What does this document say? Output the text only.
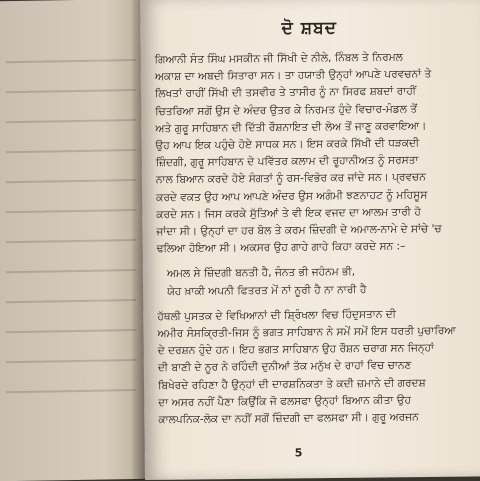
ਦੋ ਸ਼ਬਦ
ਗਿਆਨੀ ਸੰਤ ਸਿੰਘ ਮਸਕੀਨ ਜੀ ਸਿੱਖੀ ਦੇ ਨੀਲੇ, ਨਿੰਬਲ ਤੇ ਨਿਰਮਲ
ਅਕਾਸ਼ ਦਾ ਅਬਦੀ ਸਿਤਾਰਾ ਸਨ। ਤਾ ਹਯਾਤੀ ਉਨ੍ਹਾਂ ਆਪਣੇ ਪਰਵਚਨਾਂ ਤੇ
ਲਿਖਤਾਂ ਰਾਹੀਂ ਸਿੱਖੀ ਦੀ ਤਸਵੀਰ ਤੇ ਤਾਸੀਰ ਨੂੰ ਨਾ ਸਿਰਫ ਸ਼ਬਦਾਂ ਰਾਹੀਂ
ਚਿਤਰਿਆ ਸਗੋਂ ਉਸ ਦੇ ਅੰਦਰ ਉਤਰ ਕੇ ਨਿਰਮਤ ਹੁੰਦੇ ਵਿਚਾਰ-ਮੰਡਲ ਤੋਂ
ਅਤੇ ਗੁਰੂ ਸਾਹਿਬਾਨ ਦੀ ਦਿੱਤੀ ਰੌਸ਼ਨਾਇਤ ਦੀ ਲੋਅ ਤੋਂ ਜਾਣੂ ਕਰਵਾਇਆ।
ਉਹ ਆਪ ਇਕ ਪਹੁੰਚੇ ਹੋਏ ਸਾਧਕ ਸਨ। ਇਸ ਕਰਕੇ ਸਿੱਖੀ ਦੀ ਧੜਕਦੀ
ਜ਼ਿੰਦਗੀ, ਗੁਰੂ ਸਾਹਿਬਾਨ ਦੇ ਪਵਿੱਤਰ ਕਲਾਮ ਦੀ ਰੂਹਾਨੀਅਤ ਨੂੰ ਸਰਸਤਾ
ਨਾਲ ਬਿਆਨ ਕਰਦੇ ਹੋਏ ਸੰਗਤਾਂ ਨੂੰ ਰਸ-ਵਿਭੋਰ ਕਰ ਜਾਂਦੇ ਸਨ। ਪ੍ਰਵਚਨ
ਕਰਦੇ ਵਕਤ ਉਹ ਆਪ ਆਪਣੇ ਅੰਦਰ ਉਸ ਅਗੰਮੀ ਝਣਨਾਹਟ ਨੂੰ ਮਹਿਸੂਸ
ਕਰਦੇ ਸਨ। ਜਿਸ ਕਰਕੇ ਸੁੱਤਿਆਂ ਤੇ ਵੀ ਇਕ ਵਜਦ ਦਾ ਆਲਮ ਤਾਰੀ ਹੋ
ਜਾਂਦਾ ਸੀ। ਉਨ੍ਹਾਂ ਦਾ ਹਰ ਬੋਲ ਤੇ ਕਰਮ ਜ਼ਿੰਦਗੀ ਦੇ ਅਮਾਲ-ਨਾਮੇ ਦੇ ਸਾਂਚੇ 'ਚ
ਢਲਿਆ ਹੋਇਆ ਸੀ। ਅਕਸਰ ਉਹ ਗਾਹੇ ਗਾਹੇ ਕਿਹਾ ਕਰਦੇ ਸਨ :–
ਅਮਲ ਸੇ ਜ਼ਿੰਦਗੀ ਬਨਤੀ ਹੈ, ਜੰਨਤ ਭੀ ਜਹੰਨਮ ਭੀ,
ਯੇਹ ਖ਼ਾਕੀ ਅਪਨੀ ਫਿਤਰਤ ਮੇਂ ਨਾਂ ਨੂਰੀ ਹੈ ਨਾ ਨਾਰੀ ਹੈ
ਹੱਥਲੀ ਪੁਸਤਕ ਦੇ ਵਿਖਿਆਨਾਂ ਦੀ ਸ਼੍ਰਿੰਖਲਾ ਵਿਚ ਹਿੰਦੁਸਤਾਨ ਦੀ
ਅਮੀਰ ਸੰਸਕ੍ਰਿਤੀ-ਜਿਸ ਨੂੰ ਭਗਤ ਸਾਹਿਬਾਨ ਨੇ ਸਮੇਂ ਸਮੇਂ ਇਸ ਧਰਤੀ ਪੁਚਾਰਿਆ
ਦੇ ਦਰਸ਼ਨ ਹੁੰਦੇ ਹਨ। ਇਹ ਭਗਤ ਸਾਹਿਬਾਨ ਉਹ ਰੌਸ਼ਨ ਚਰਾਗ ਸਨ ਜਿਨ੍ਹਾਂ
ਦੀ ਬਾਣੀ ਦੇ ਨੂਰ ਨੇ ਰਹਿੰਦੀ ਦੁਨੀਆਂ ਤੱਕ ਮਨੁੱਖ ਦੇ ਰਾਹਾਂ ਵਿਚ ਚਾਨਣ
ਬਿਖੇਰਦੇ ਰਹਿਣਾ ਹੈ ਉਨ੍ਹਾਂ ਦੀ ਦਾਰਸ਼ਨਿਕਤਾ ਤੇ ਕਦੀ ਜ਼ਮਾਨੇ ਦੀ ਗਰਦਸ਼
ਦਾ ਅਸਰ ਨਹੀਂ ਪੈਣਾ ਕਿਉਂਕਿ ਜੋ ਫਲਸਫਾ ਉਨ੍ਹਾਂ ਬਿਆਨ ਕੀਤਾ ਉਹ
ਕਾਲਪਨਿਕ-ਲੋਕ ਦਾ ਨਹੀਂ ਸਗੋਂ ਜ਼ਿੰਦਗੀ ਦਾ ਫਲਸਫਾ ਸੀ। ਗੁਰੂ ਅਰਜਨ
5
